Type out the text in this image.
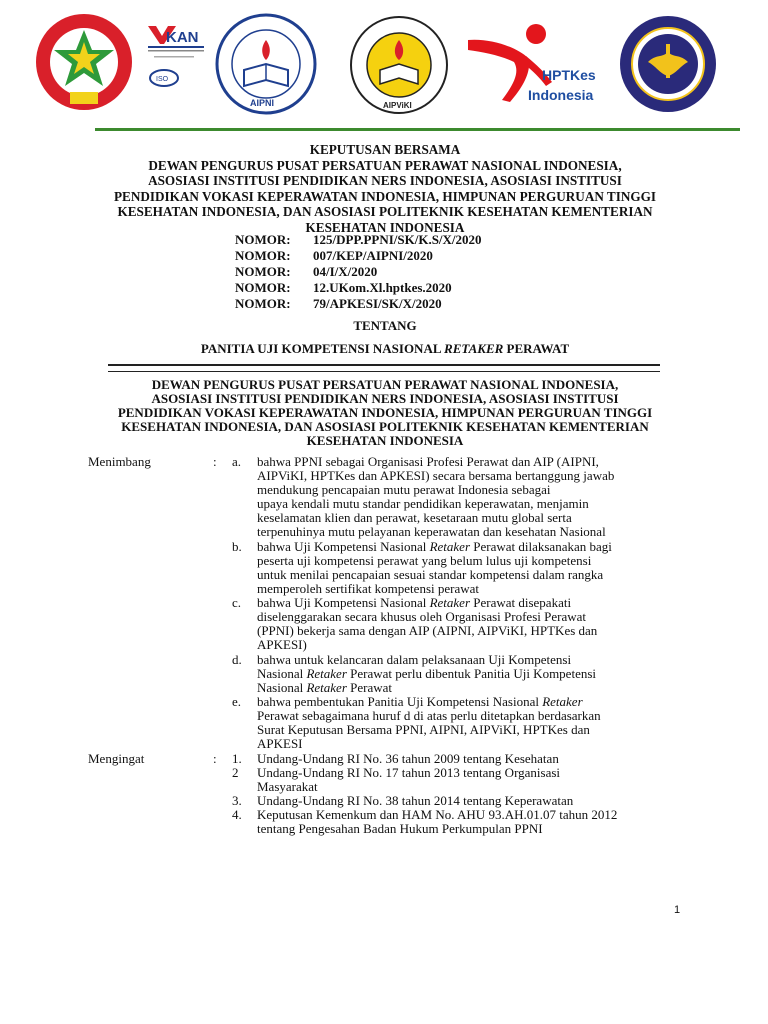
KAN
ISO
AIPNI	AIPViKI
HPTKes
Indonesia
KEPUTUSAN BERSAMA
DEWAN PENGURUS PUSAT PERSATUAN PERAWAT NASIONAL INDONESIA,
ASOSIASI INSTITUSI PENDIDIKAN NERS INDONESIA, ASOSIASI INSTITUSI
PENDIDIKAN VOKASI KEPERAWATAN INDONESIA, HIMPUNAN PERGURUAN TINGGI
KESEHATAN INDONESIA, DAN ASOSIASI POLITEKNIK KESEHATAN KEMENTERIAN
KESEHATAN INDONESIA
NOMOR:	125/DPP.PPNI/SK/K.S/X/2020
NOMOR:	007/KEP/AIPNI/2020
NOMOR:	04/I/X/2020
NOMOR:	12.UKom.Xl.hptkes.2020
NOMOR:	79/APKESI/SK/X/2020
TENTANG
PANITIA UJI KOMPETENSI NASIONAL RETAKER PERAWAT
DEWAN PENGURUS PUSAT PERSATUAN PERAWAT NASIONAL INDONESIA,
ASOSIASI INSTITUSI PENDIDIKAN NERS INDONESIA, ASOSIASI INSTITUSI
PENDIDIKAN VOKASI KEPERAWATAN INDONESIA, HIMPUNAN PERGURUAN TINGGI
KESEHATAN INDONESIA, DAN ASOSIASI POLITEKNIK KESEHATAN KEMENTERIAN
KESEHATAN INDONESIA
Menimbang	: a. bahwa PPNI sebagai Organisasi Profesi Perawat dan AIP (AIPNI,
AIPViKI, HPTKes dan APKESI) secara bersama bertanggung jawab
mendukung pencapaian mutu perawat Indonesia sebagai
upaya kendali mutu standar pendidikan keperawatan, menjamin
keselamatan klien dan perawat, kesetaraan mutu global serta
terpenuhinya mutu pelayanan keperawatan dan kesehatan Nasional
b. bahwa Uji Kompetensi Nasional Retaker Perawat dilaksanakan bagi
peserta uji kompetensi perawat yang belum lulus uji kompetensi
untuk menilai pencapaian sesuai standar kompetensi dalam rangka
memperoleh sertifikat kompetensi perawat
c. bahwa Uji Kompetensi Nasional Retaker Perawat disepakati
diselenggarakan secara khusus oleh Organisasi Profesi Perawat
(PPNI) bekerja sama dengan AIP (AIPNI, AIPViKI, HPTKes dan
APKESI)
d. bahwa untuk kelancaran dalam pelaksanaan Uji Kompetensi
Nasional Retaker Perawat perlu dibentuk Panitia Uji Kompetensi
Nasional Retaker Perawat
e. bahwa pembentukan Panitia Uji Kompetensi Nasional Retaker
Perawat sebagaimana huruf d di atas perlu ditetapkan berdasarkan
Surat Keputusan Bersama PPNI, AIPNI, AIPViKI, HPTKes dan
APKESI
Mengingat	: 1. Undang-Undang RI No. 36 tahun 2009 tentang Kesehatan
2 Undang-Undang RI No. 17 tahun 2013 tentang Organisasi
Masyarakat
3. Undang-Undang RI No. 38 tahun 2014 tentang Keperawatan
4. Keputusan Kemenkum dan HAM No. AHU 93.AH.01.07 tahun 2012
tentang Pengesahan Badan Hukum Perkumpulan PPNI
1
